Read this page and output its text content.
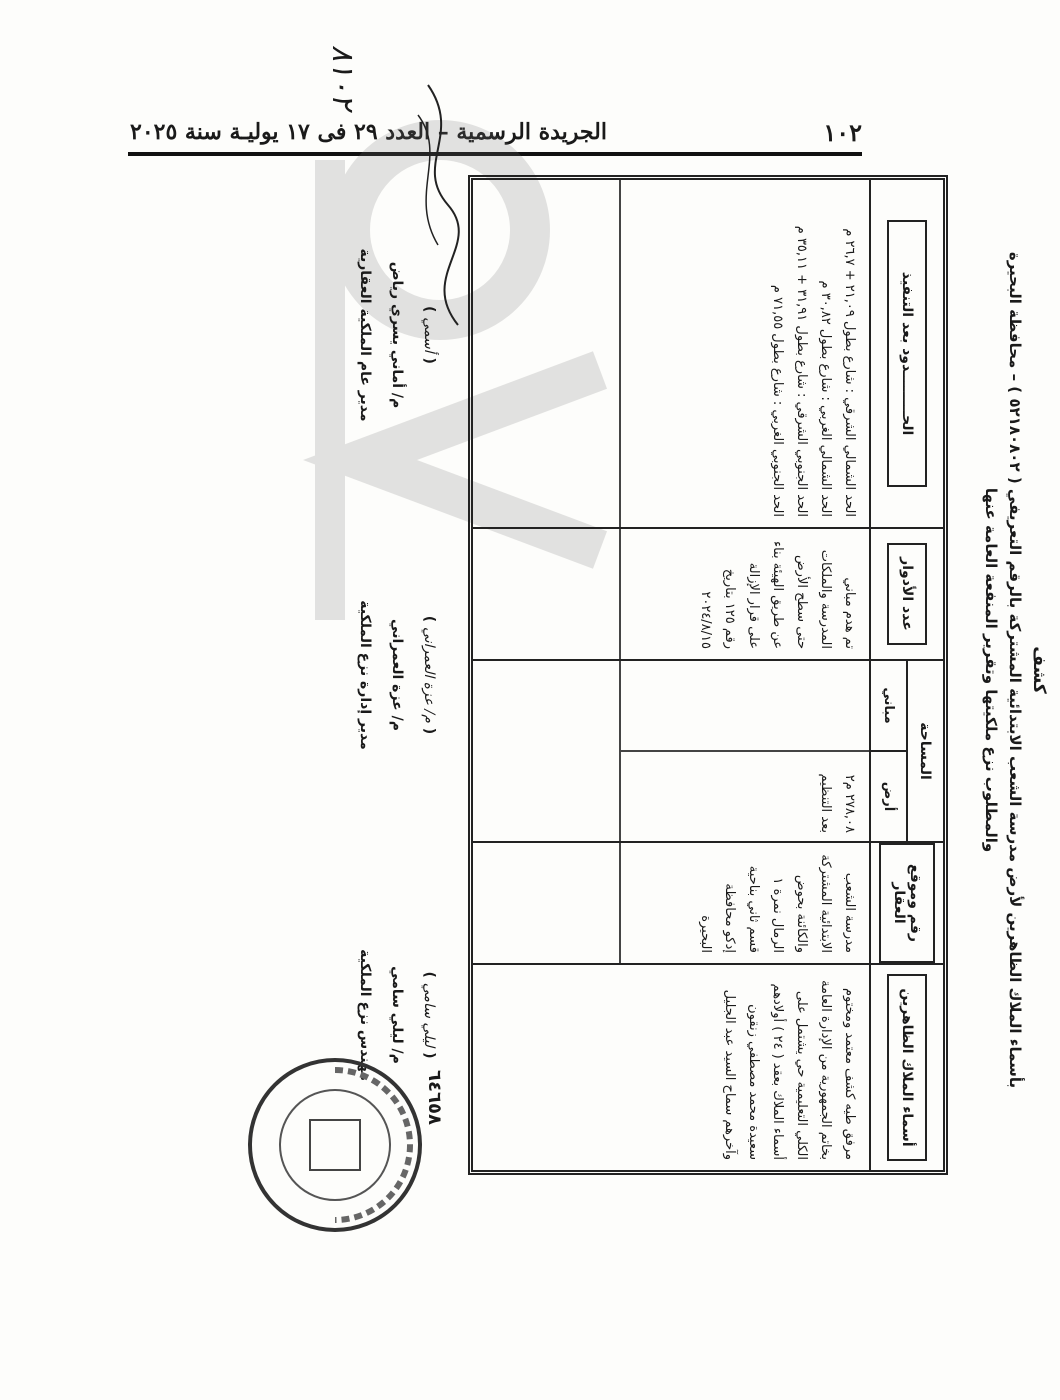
١٠٢
الجريدة الرسمية – العدد ٢٩ فى ١٧ يوليـة سنة ٢٠٢٥
كشف
بأسماء الملاك الظاهرين لأرض مدرسة الشعب الابتدائية المشتركة بالرقم التعريفي ( ٥٢١٨٠٨٠٢ ) – محافظة البحيرة
والمطلوب نزع ملكيتها وتقرير المنفعة العامة عنها
أسماء الملاك الظاهرين
مرفق طيه كشف معتمد ومختوم بخاتم الجمهورية من الإدارة العامة الكلي التعليمية حي يشتمل على أسماء الملاك بعقد ( ٢٤ ) أولادهم سعيدة محمد مصطفي زنقون وآخرهم سماح السيد عبد الجليل
رقم وموقع العقار
مدرسة الشعب الابتدائية المشتركة والكائنة بحوض الرمال نمرة ١ قسم ثاني بناحية إدكو محافظة البحيرة
المساحة
أرض
مباني
٢٧٨,٠٨ م٢ بعد التنظيم
عدد الأدوار
تم هدم مباني المدرسة والملكات حتى سطح الأرض عن طريق الهيئة بناء على قرار الإزالة رقم ١٢٥ بتاريخ ٢٠٢٤/٨/١٥
الحـــــــــدود بعد التنفيذ
الحد الشمالي الشرقي : شارع بطول ٢١,٠٩ + ٢٦,٧ م
الحد الشمالي الغربي : شارع بطول ٣٠,٨٢ م
الحد الجنوبي الشرقي : شارع بطول ٣١,٩١ + ٣٥,١١ م
الحد الجنوبي الغربي : شارع بطول ٧١,٥٥ م
( ليلي سامي )
م/ ليلي سامي
مهندس نزع الملكية
( م/ عزة العمراني )
م/ عزة العمراني
مدير إدارة نزع الملكية
( أسمي )
م/ أماني يسري رياض
مدير عام الملكية العقارية
٦٤٦٥٨
٨١٠٢
